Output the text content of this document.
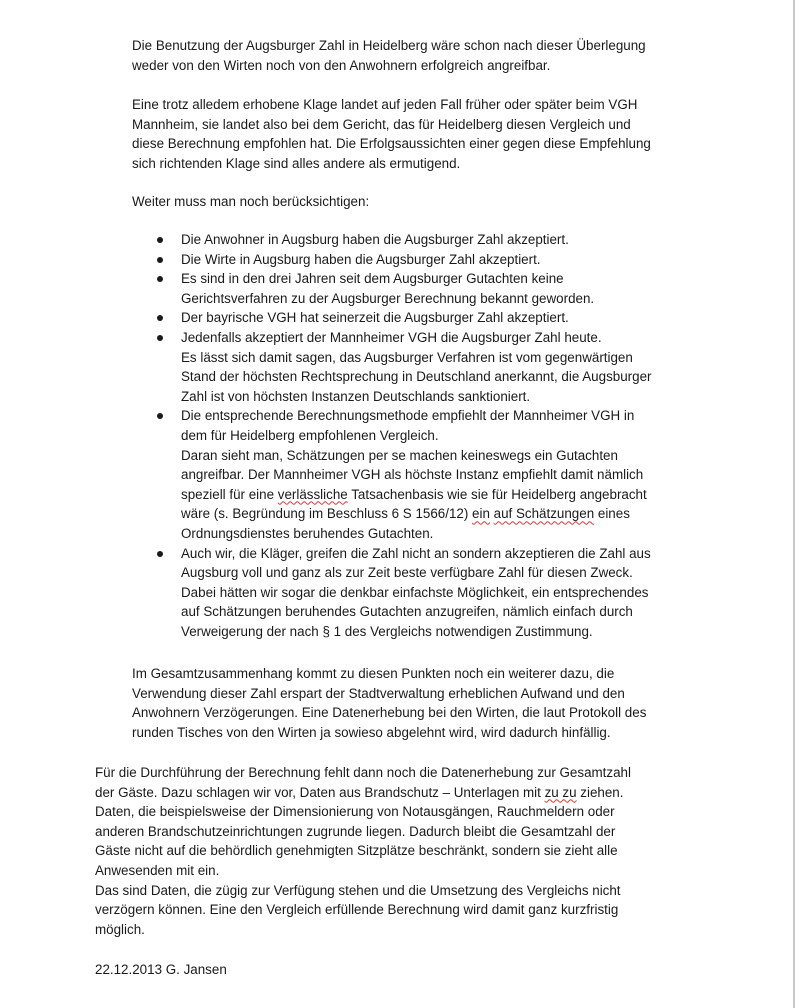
Die Benutzung der Augsburger Zahl in Heidelberg wäre schon nach dieser Überlegung
weder von den Wirten noch von den Anwohnern erfolgreich angreifbar.
Eine trotz alledem erhobene Klage landet auf jeden Fall früher oder später beim VGH
Mannheim, sie landet also bei dem Gericht, das für Heidelberg diesen Vergleich und
diese Berechnung empfohlen hat. Die Erfolgsaussichten einer gegen diese Empfehlung
sich richtenden Klage sind alles andere als ermutigend.
Weiter muss man noch berücksichtigen:
Die Anwohner in Augsburg haben die Augsburger Zahl akzeptiert.
Die Wirte in Augsburg haben die Augsburger Zahl akzeptiert.
Es sind in den drei Jahren seit dem Augsburger Gutachten keine
Gerichtsverfahren zu der Augsburger Berechnung bekannt geworden.
Der bayrische VGH hat seinerzeit die Augsburger Zahl akzeptiert.
Jedenfalls akzeptiert der Mannheimer VGH die Augsburger Zahl heute.
Es lässt sich damit sagen, das Augsburger Verfahren ist vom gegenwärtigen
Stand der höchsten Rechtsprechung in Deutschland anerkannt, die Augsburger
Zahl ist von höchsten Instanzen Deutschlands sanktioniert.
Die entsprechende Berechnungsmethode empfiehlt der Mannheimer VGH in
dem für Heidelberg empfohlenen Vergleich.
Daran sieht man, Schätzungen per se machen keineswegs ein Gutachten
angreifbar. Der Mannheimer VGH als höchste Instanz empfiehlt damit nämlich
speziell für eine verlässliche Tatsachenbasis wie sie für Heidelberg angebracht
wäre (s. Begründung im Beschluss 6 S 1566/12) ein auf Schätzungen eines
Ordnungsdienstes beruhendes Gutachten.
Auch wir, die Kläger, greifen die Zahl nicht an sondern akzeptieren die Zahl aus
Augsburg voll und ganz als zur Zeit beste verfügbare Zahl für diesen Zweck.
Dabei hätten wir sogar die denkbar einfachste Möglichkeit, ein entsprechendes
auf Schätzungen beruhendes Gutachten anzugreifen, nämlich einfach durch
Verweigerung der nach § 1 des Vergleichs notwendigen Zustimmung.
Im Gesamtzusammenhang kommt zu diesen Punkten noch ein weiterer dazu, die
Verwendung dieser Zahl erspart der Stadtverwaltung erheblichen Aufwand und den
Anwohnern Verzögerungen. Eine Datenerhebung bei den Wirten, die laut Protokoll des
runden Tisches von den Wirten ja sowieso abgelehnt wird, wird dadurch hinfällig.
Für die Durchführung der Berechnung fehlt dann noch die Datenerhebung zur Gesamtzahl
der Gäste. Dazu schlagen wir vor, Daten aus Brandschutz – Unterlagen mit zu zu ziehen.
Daten, die beispielsweise der Dimensionierung von Notausgängen, Rauchmeldern oder
anderen Brandschutzeinrichtungen zugrunde liegen. Dadurch bleibt die Gesamtzahl der
Gäste nicht auf die behördlich genehmigten Sitzplätze beschränkt, sondern sie zieht alle
Anwesenden mit ein.
Das sind Daten, die zügig zur Verfügung stehen und die Umsetzung des Vergleichs nicht
verzögern können. Eine den Vergleich erfüllende Berechnung wird damit ganz kurzfristig
möglich.
22.12.2013 G. Jansen
